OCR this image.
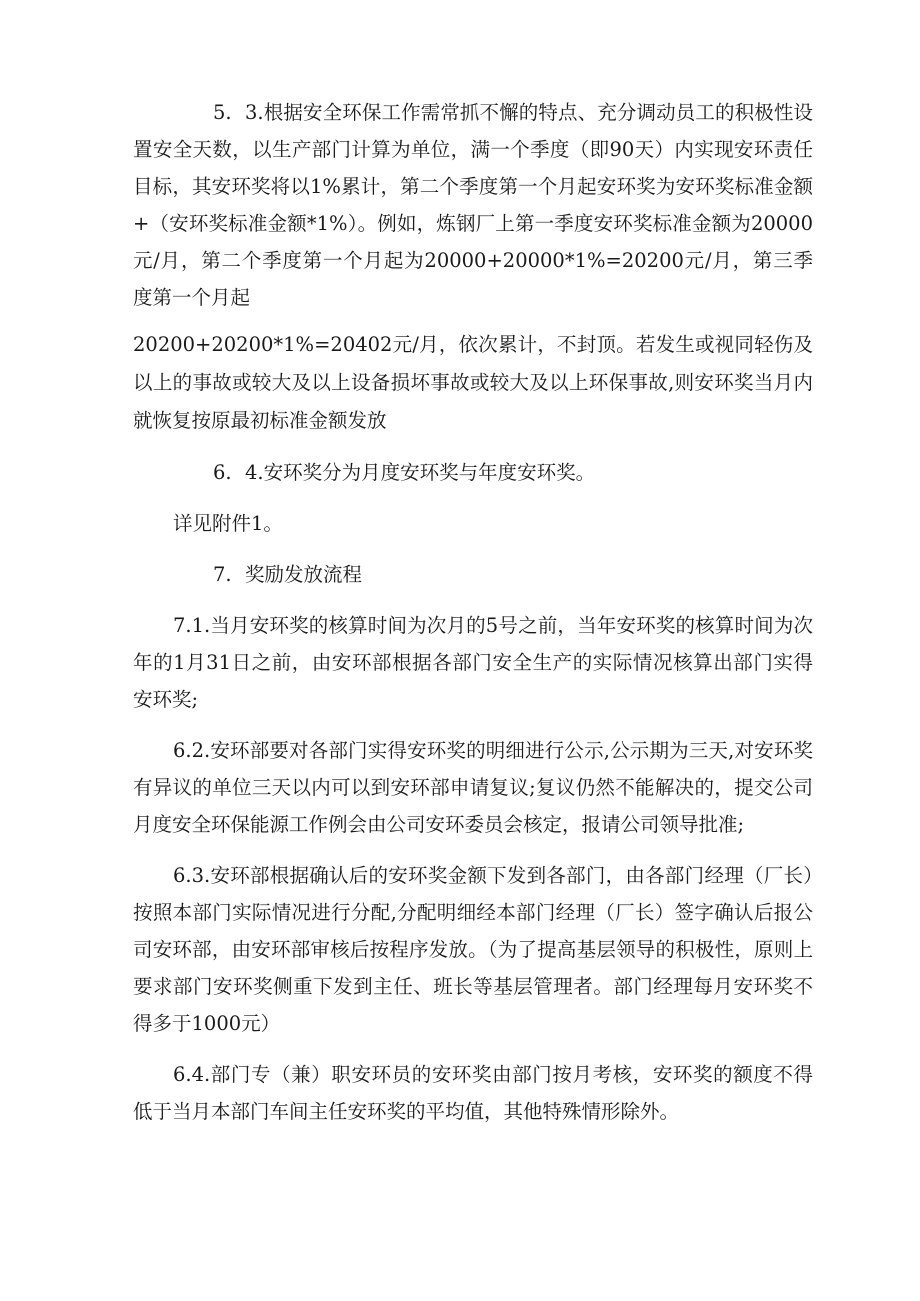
5. 3.根据安全环保工作需常抓不懈的特点、充分调动员工的积极性设置安全天数，以生产部门计算为单位，满一个季度（即90天）内实现安环责任目标，其安环奖将以1%累计，第二个季度第一个月起安环奖为安环奖标准金额+（安环奖标准金额*1%）。例如，炼钢厂上第一季度安环奖标准金额为20000元/月，第二个季度第一个月起为20000+20000*1%=20200元/月，第三季度第一个月起

20200+20200*1%=20402元/月，依次累计，不封顶。若发生或视同轻伤及以上的事故或较大及以上设备损坏事故或较大及以上环保事故,则安环奖当月内就恢复按原最初标准金额发放

6. 4.安环奖分为月度安环奖与年度安环奖。

详见附件1。

7. 奖励发放流程

7.1.当月安环奖的核算时间为次月的5号之前，当年安环奖的核算时间为次年的1月31日之前，由安环部根据各部门安全生产的实际情况核算出部门实得安环奖;

6.2.安环部要对各部门实得安环奖的明细进行公示,公示期为三天,对安环奖有异议的单位三天以内可以到安环部申请复议;复议仍然不能解决的，提交公司月度安全环保能源工作例会由公司安环委员会核定，报请公司领导批准;

6.3.安环部根据确认后的安环奖金额下发到各部门，由各部门经理（厂长）按照本部门实际情况进行分配,分配明细经本部门经理（厂长）签字确认后报公司安环部，由安环部审核后按程序发放。（为了提高基层领导的积极性，原则上要求部门安环奖侧重下发到主任、班长等基层管理者。部门经理每月安环奖不得多于1000元）

6.4.部门专（兼）职安环员的安环奖由部门按月考核，安环奖的额度不得低于当月本部门车间主任安环奖的平均值，其他特殊情形除外。
